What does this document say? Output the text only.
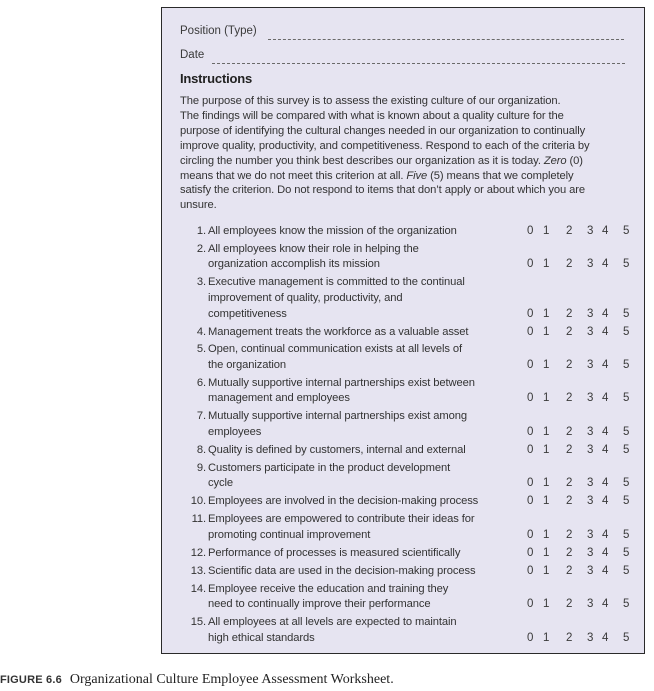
Position (Type)
Date
Instructions
The purpose of this survey is to assess the existing culture of our organization.
The findings will be compared with what is known about a quality culture for the
purpose of identifying the cultural changes needed in our organization to continually
improve quality, productivity, and competitiveness. Respond to each of the criteria by
circling the number you think best describes our organization as it is today. Zero (0)
means that we do not meet this criterion at all. Five (5) means that we completely
satisfy the criterion. Do not respond to items that don’t apply or about which you are
unsure.
1. All employees know the mission of the organization	0 1 2 3 4 5
2. All employees know their role in helping the
organization accomplish its mission	0 1 2 3 4 5
3. Executive management is committed to the continual
improvement of quality, productivity, and
competitiveness	0 1 2 3 4 5
4. Management treats the workforce as a valuable asset	0 1 2 3 4 5
5. Open, continual communication exists at all levels of
the organization	0 1 2 3 4 5
6. Mutually supportive internal partnerships exist between
management and employees	0 1 2 3 4 5
7. Mutually supportive internal partnerships exist among
employees	0 1 2 3 4 5
8. Quality is defined by customers, internal and external	0 1 2 3 4 5
9. Customers participate in the product development
cycle	0 1 2 3 4 5
10. Employees are involved in the decision-making process	0 1 2 3 4 5
11. Employees are empowered to contribute their ideas for
promoting continual improvement	0 1 2 3 4 5
12. Performance of processes is measured scientifically	0 1 2 3 4 5
13. Scientific data are used in the decision-making process	0 1 2 3 4 5
14. Employee receive the education and training they
need to continually improve their performance	0 1 2 3 4 5
15. All employees at all levels are expected to maintain
high ethical standards	0 1 2 3 4 5
FIGURE 6.6 Organizational Culture Employee Assessment Worksheet.
